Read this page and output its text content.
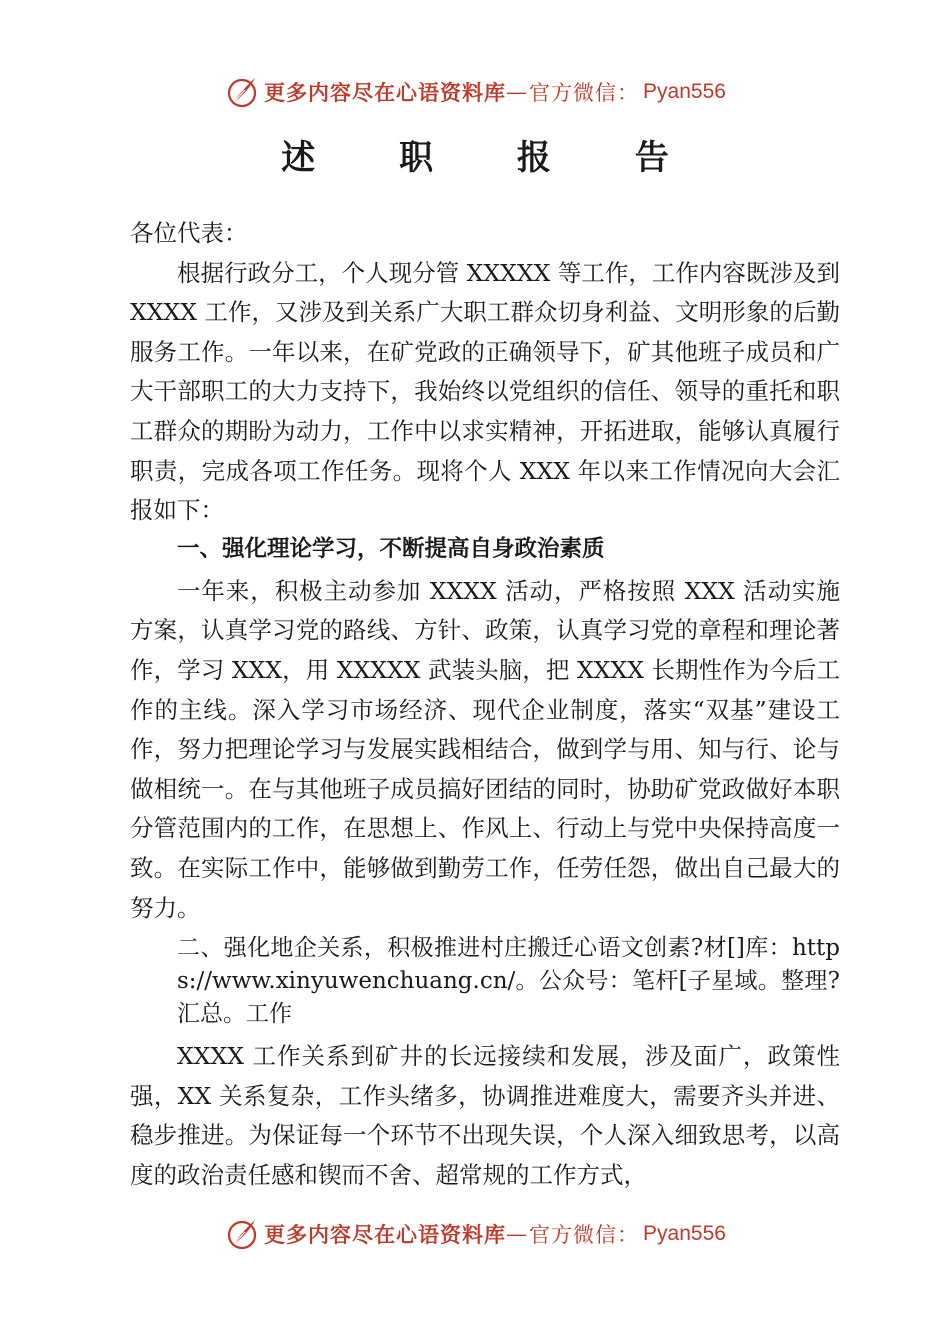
更多内容尽在心语资料库 — 官方微信： Pyan556
述 职 报 告

各位代表：

根据行政分工，个人现分管 XXXXX 等工作，工作内容既涉及到 XXXX 工作，又涉及到关系广大职工群众切身利益、文明形象的后勤服务工作。一年以来，在矿党政的正确领导下，矿其他班子成员和广大干部职工的大力支持下，我始终以党组织的信任、领导的重托和职工群众的期盼为动力，工作中以求实精神，开拓进取，能够认真履行职责，完成各项工作任务。现将个人 XXX 年以来工作情况向大会汇报如下：

一、强化理论学习，不断提高自身政治素质

一年来，积极主动参加 XXXX 活动，严格按照 XXX 活动实施方案，认真学习党的路线、方针、政策，认真学习党的章程和理论著作，学习 XXX，用 XXXXX 武装头脑，把 XXXX 长期性作为今后工作的主线。深入学习市场经济、现代企业制度，落实“双基”建设工作，努力把理论学习与发展实践相结合，做到学与用、知与行、论与做相统一。在与其他班子成员搞好团结的同时，协助矿党政做好本职分管范围内的工作，在思想上、作风上、行动上与党中央保持高度一致。在实际工作中，能够做到勤劳工作，任劳任怨，做出自己最大的努力。

二、强化地企关系，积极推进村庄搬迁心语文创素?材[]库：https://www.xinyuwenchuang.cn/。公众号：笔杆[子星域。整理?汇总。工作

XXXX 工作关系到矿井的长远接续和发展，涉及面广，政策性强，XX 关系复杂，工作头绪多，协调推进难度大，需要齐头并进、稳步推进。为保证每一个环节不出现失误，个人深入细致思考，以高度的政治责任感和锲而不舍、超常规的工作方式，

更多内容尽在心语资料库 — 官方微信： Pyan556
